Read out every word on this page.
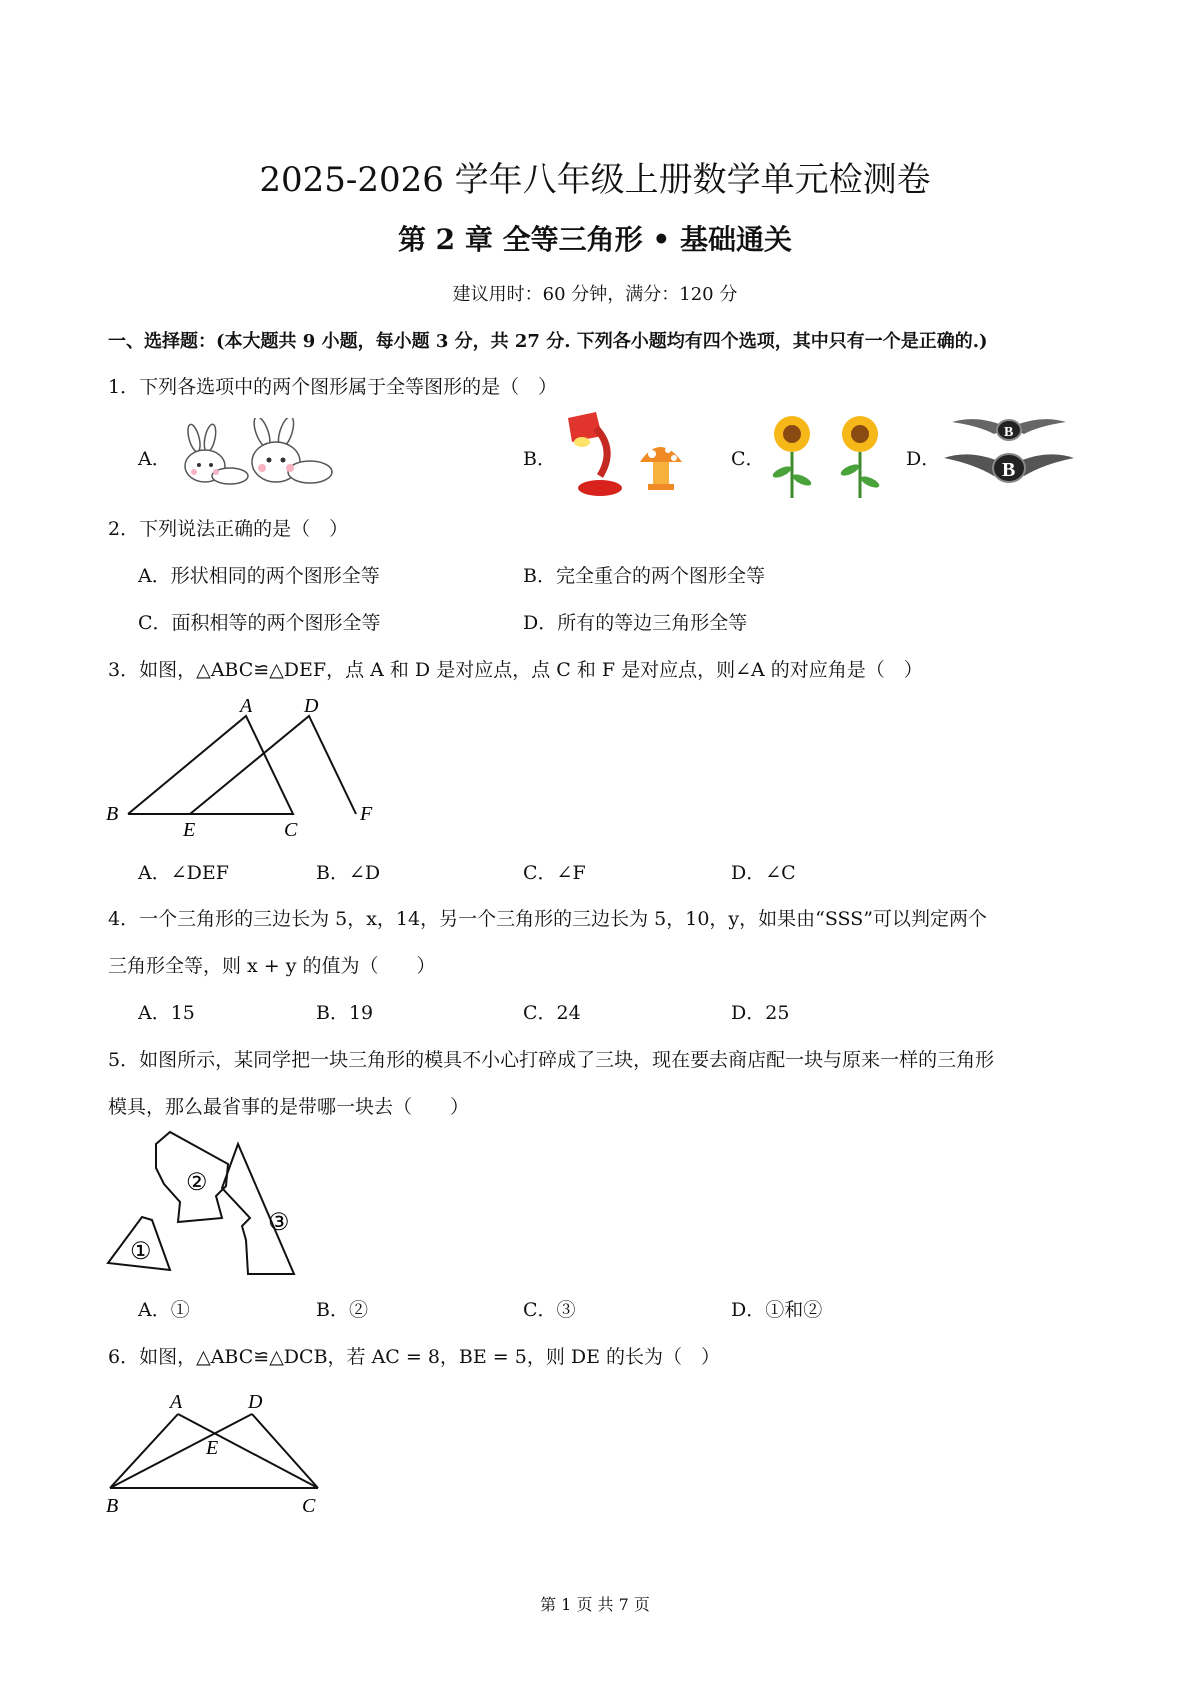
2025-2026 学年八年级上册数学单元检测卷
第 2 章 全等三角形 • 基础通关
建议用时：60 分钟，满分：120 分
一、选择题：(本大题共 9 小题，每小题 3 分，共 27 分. 下列各小题均有四个选项，其中只有一个是正确的.)
1．下列各选项中的两个图形属于全等图形的是（　）
A．	B．	C．	D．
B
B
2．下列说法正确的是（　）
A．形状相同的两个图形全等	B．完全重合的两个图形全等
C．面积相等的两个图形全等	D．所有的等边三角形全等
3．如图，△ABC≌△DEF，点 A 和 D 是对应点，点 C 和 F 是对应点，则∠A 的对应角是（　）
A	D
B
E	C
F
A．∠DEF	B．∠D	C．∠F	D．∠C
4．一个三角形的三边长为 5，x，14，另一个三角形的三边长为 5，10，y，如果由“SSS”可以判定两个
三角形全等，则 x + y 的值为（　　）
A．15	B．19	C．24	D．25
5．如图所示，某同学把一块三角形的模具不小心打碎成了三块，现在要去商店配一块与原来一样的三角形
模具，那么最省事的是带哪一块去（　　）
①
②
③
A．①	B．②	C．③	D．①和②
6．如图，△ABC≌△DCB，若 AC = 8，BE = 5，则 DE 的长为（　）
A	D
E
B	C
第 1 页 共 7 页
